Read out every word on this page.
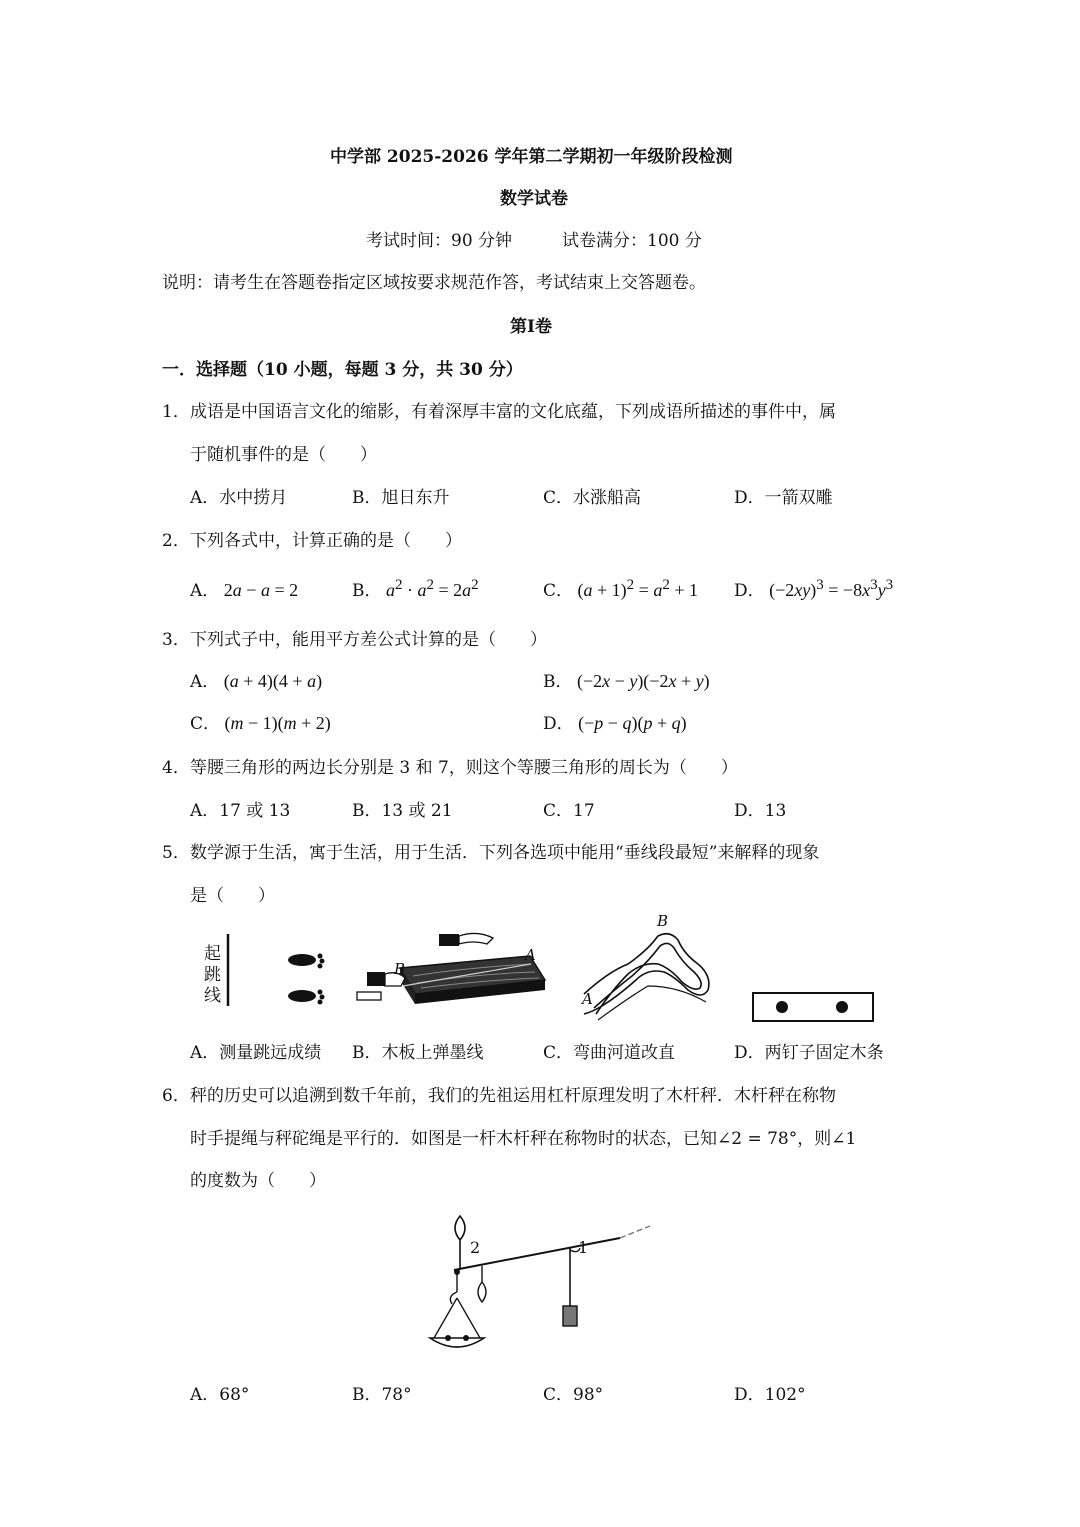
中学部 2025-2026 学年第二学期初一年级阶段检测
数学试卷
考试时间：90 分钟	试卷满分：100 分
说明：请考生在答题卷指定区域按要求规范作答，考试结束上交答题卷。
第Ⅰ卷
一．选择题（10 小题，每题 3 分，共 30 分）
1． 成语是中国语言文化的缩影，有着深厚丰富的文化底蕴，下列成语所描述的事件中，属
于随机事件的是（　　）
A．水中捞月	B．旭日东升	C．水涨船高	D．一箭双雕
2． 下列各式中，计算正确的是（　　）
A． 2a − a = 2	B． $a^2 \cdot a^2 = 2a^2$	C． $(a + 1)^2 = a^2 + 1$ D． $(-2xy)^3 = -8x^3y^3$
3． 下列式子中，能用平方差公式计算的是（　　）
A． (a + 4)(4 + a)	B． (−2x − y)(−2x + y)
C． (m − 1)(m + 2)	D． (−p − q)(p + q)
4． 等腰三角形的两边长分别是 3 和 7，则这个等腰三角形的周长为（　　）
A．17 或 13	B．13 或 21	C．17	D．13
5． 数学源于生活，寓于生活，用于生活．下列各选项中能用“垂线段最短”来解释的现象
是（　　）
起
跳
线
B
A
B
A
A．测量跳远成绩 B．木板上弹墨线	C．弯曲河道改直	D．两钉子固定木条
6． 秤的历史可以追溯到数千年前，我们的先祖运用杠杆原理发明了木杆秤．木杆秤在称物
时手提绳与秤砣绳是平行的．如图是一杆木杆秤在称物时的状态，已知∠2 = 78°，则∠1
的度数为（　　）
2	1
A．68°	B．78°	C．98°	D．102°
